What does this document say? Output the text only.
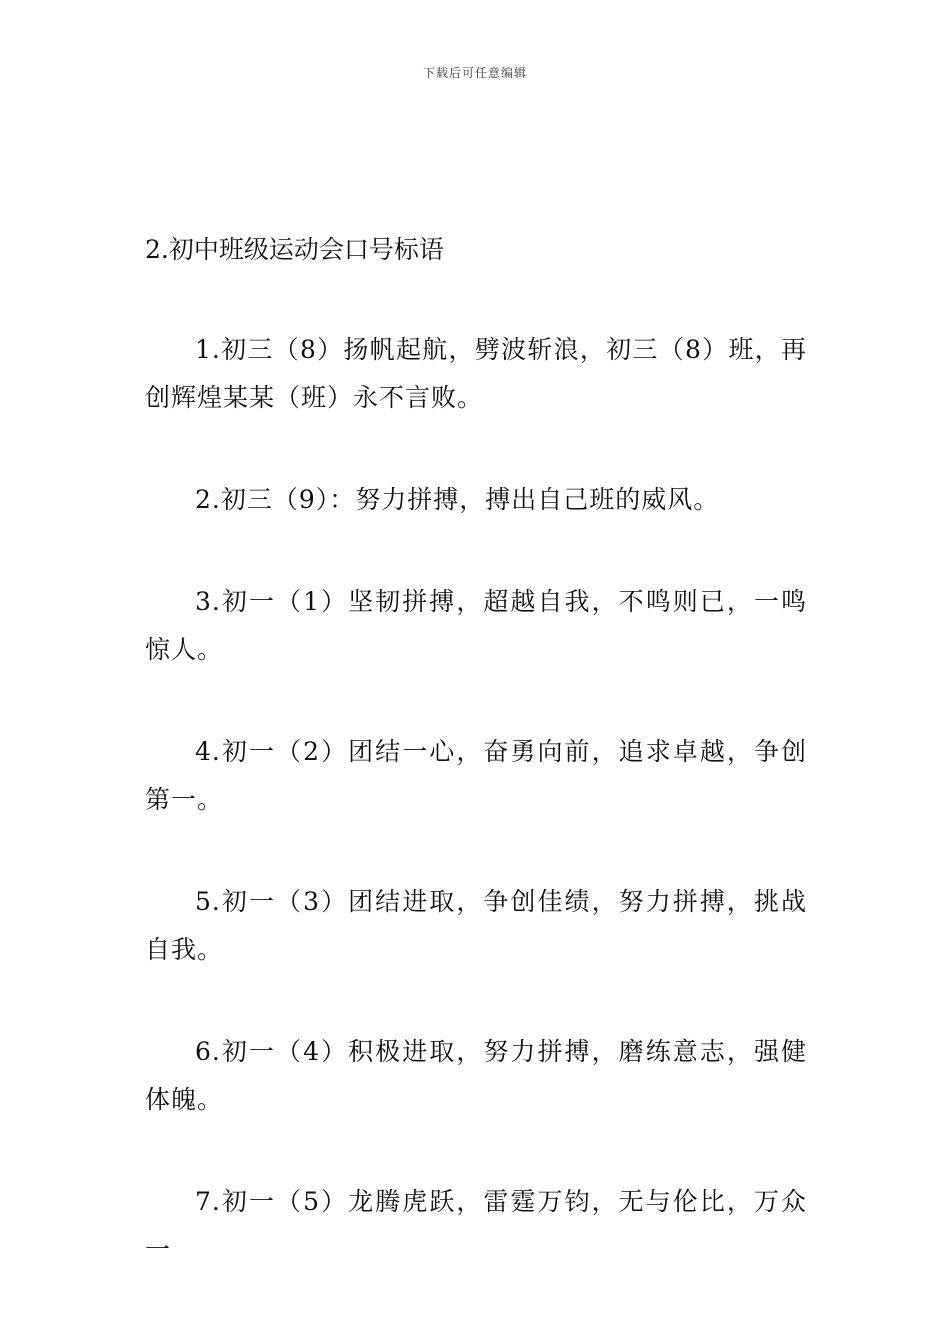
下载后可任意编辑
2.初中班级运动会口号标语

1.初三（8）扬帆起航，劈波斩浪，初三（8）班，再创辉煌某某（班）永不言败。

2.初三（9）：努力拼搏，搏出自己班的威风。

3.初一（1）坚韧拼搏，超越自我，不鸣则已，一鸣惊人。

4.初一（2）团结一心，奋勇向前，追求卓越，争创第一。

5.初一（3）团结进取，争创佳绩，努力拼搏，挑战自我。

6.初一（4）积极进取，努力拼搏，磨练意志，强健体魄。

7.初一（5）龙腾虎跃，雷霆万钧，无与伦比，万众一
